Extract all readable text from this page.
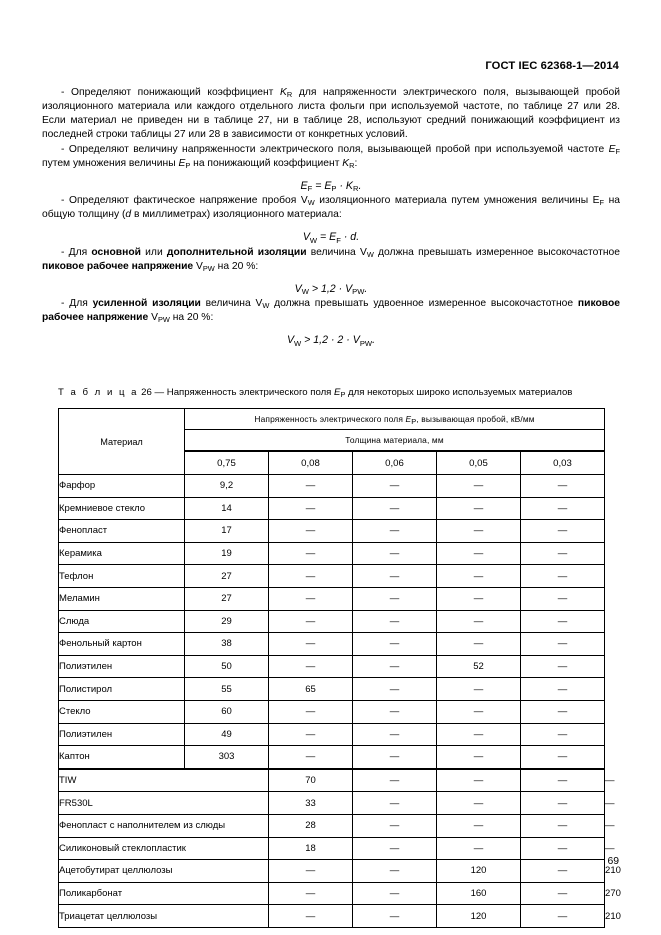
ГОСТ IEC 62368-1—2014

- Определяют понижающий коэффициент $K_R$ для напряженности электрического поля, вызывающей пробой изоляционного материала или каждого отдельного листа фольги при используемой частоте, по таблице 27 или 28. Если материал не приведен ни в таблице 27, ни в таблице 28, используют средний понижающий коэффициент из последней строки таблицы 27 или 28 в зависимости от конкретных условий.

- Определяют величину напряженности электрического поля, вызывающей пробой при используемой частоте $E_F$ путем умножения величины $E_P$ на понижающий коэффициент $K_R$:

$E_F = E_P \cdot K_R$.

- Определяют фактическое напряжение пробоя $V_W$ изоляционного материала путем умножения величины $E_F$ на общую толщину (d в миллиметрах) изоляционного материала:

$V_W = E_F \cdot d$.

- Для основной или дополнительной изоляции величина $V_W$ должна превышать измеренное высокочастотное пиковое рабочее напряжение $V_{PW}$ на 20 %:

$V_W > 1,2 \cdot V_{PW}$.

- Для усиленной изоляции величина $V_W$ должна превышать удвоенное измеренное высокочастотное пиковое рабочее напряжение $V_{PW}$ на 20 %:

$V_W > 1,2 \cdot 2 \cdot V_{PW}$.

Т а б л и ц а 26 — Напряженность электрического поля $E_P$ для некоторых широко используемых материалов
Материал	Напряженность электрического поля $E_P$, вызывающая пробой, кВ/мм					
	Толщина материала, мм					
	0,75	0,08	0,06	0,05	0,03	
Фарфор	9,2	—	—	—	—	
Кремниевое стекло	14	—	—	—	—	
Фенопласт	17	—	—	—	—	
Керамика	19	—	—	—	—	
Тефлон	27	—	—	—	—	
Меламин	27	—	—	—	—	
Слюда	29	—	—	—	—	
Фенольный картон	38	—	—	—	—	
Полиэтилен	50	—	—	52	—	
Полистирол	55	65	—	—	—	
Стекло	60	—	—	—	—	
Полиэтилен	49	—	—	—	—	
Каптон	303	—	—	—	—	
TIW		70	—	—	—	—
FR530L		33	—	—	—	—
Фенопласт с наполнителем из слюды		28	—	—	—	—
Силиконовый стеклопластик		18	—	—	—	—
Ацетобутират целлюлозы		—	—	120	—	210
Поликарбонат		—	—	160	—	270
Триацетат целлюлозы		—	—	120	—	210
69
